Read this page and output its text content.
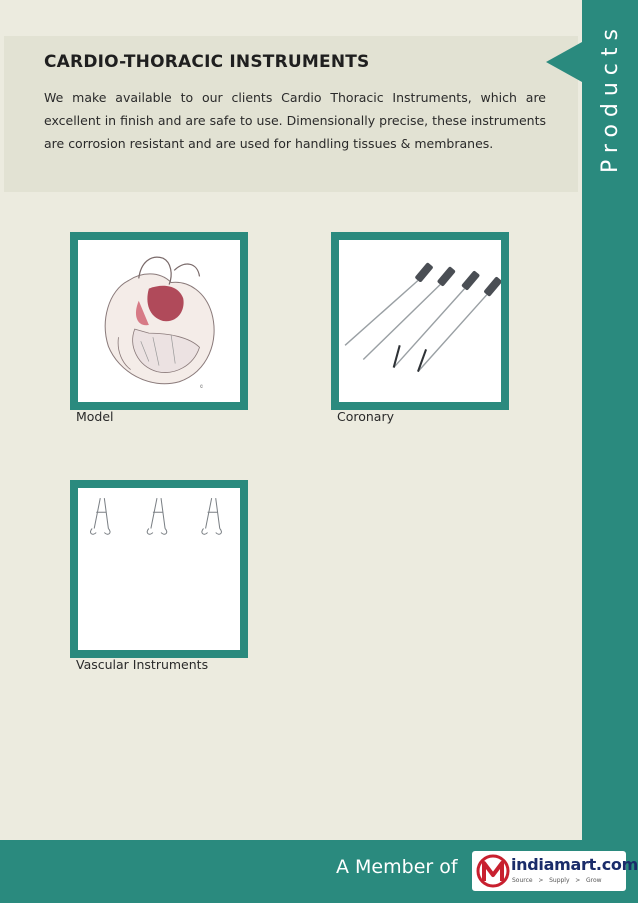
Products
CARDIO-THORACIC INSTRUMENTS

We make available to our clients Cardio Thoracic Instruments, which are excellent in finish and are safe to use. Dimensionally precise, these instruments are corrosion resistant and are used for handling tissues & membranes.

©
Model	Coronary
Vascular Instruments
A Member of	indiamart.com
Source   >   Supply   >   Grow
